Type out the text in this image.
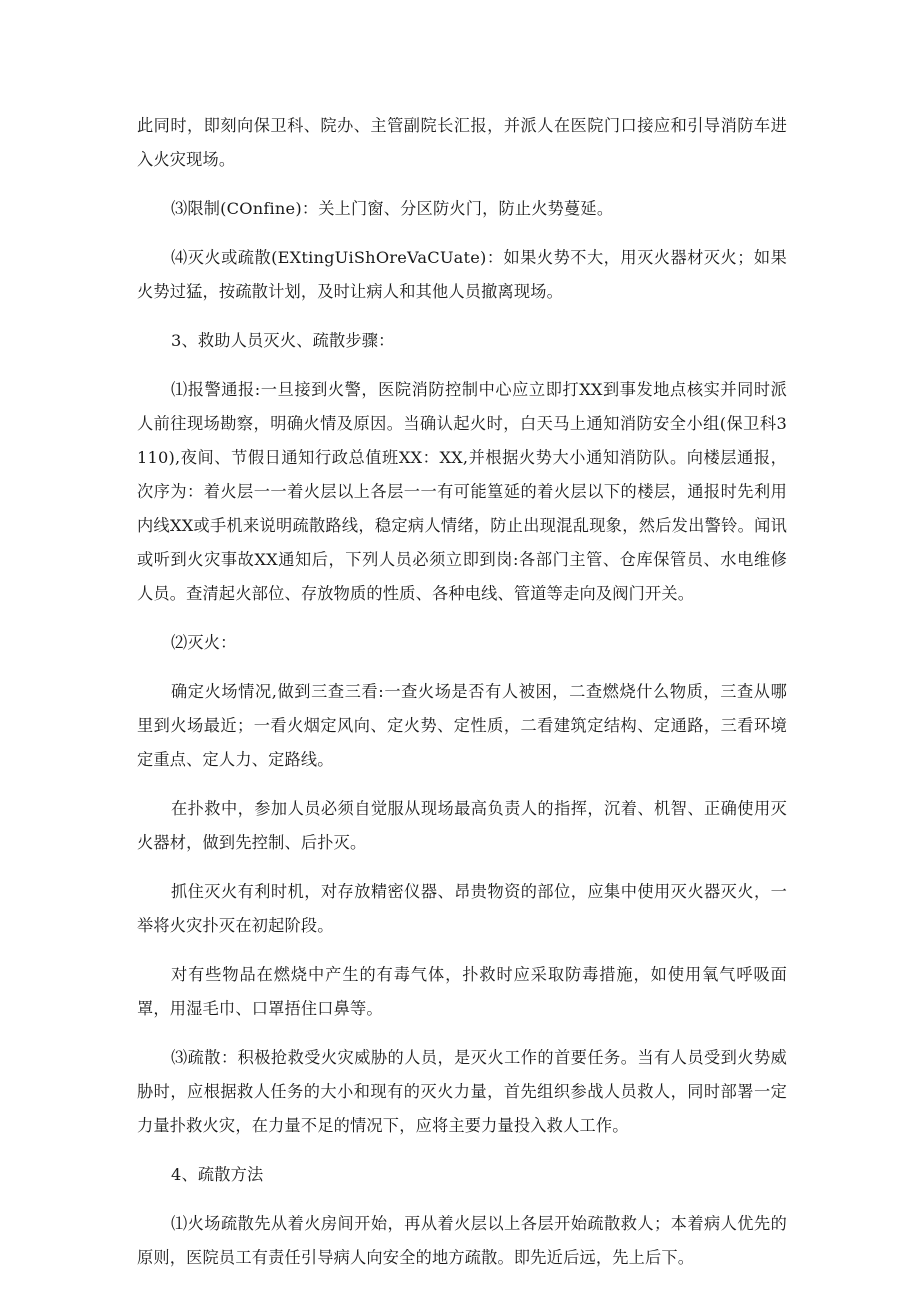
此同时，即刻向保卫科、院办、主管副院长汇报，并派人在医院门口接应和引导消防车进入火灾现场。

⑶限制(COnfine)：关上门窗、分区防火门，防止火势蔓延。

⑷灭火或疏散(EXtingUiShOreVaCUate)：如果火势不大，用灭火器材灭火；如果火势过猛，按疏散计划，及时让病人和其他人员撤离现场。

3、救助人员灭火、疏散步骤：

⑴报警通报:一旦接到火警，医院消防控制中心应立即打XX到事发地点核实并同时派人前往现场勘察，明确火情及原因。当确认起火时，白天马上通知消防安全小组(保卫科3110),夜间、节假日通知行政总值班XX：XX,并根据火势大小通知消防队。向楼层通报，次序为：着火层一一着火层以上各层一一有可能篁延的着火层以下的楼层，通报时先利用内线XX或手机来说明疏散路线，稳定病人情绪，防止出现混乱现象，然后发出警铃。闻讯或听到火灾事故XX通知后，下列人员必须立即到岗:各部门主管、仓库保管员、水电维修人员。查清起火部位、存放物质的性质、各种电线、管道等走向及阀门开关。

⑵灭火：

确定火场情况,做到三查三看:一查火场是否有人被困，二查燃烧什么物质，三查从哪里到火场最近；一看火烟定风向、定火势、定性质，二看建筑定结构、定通路，三看环境定重点、定人力、定路线。

在扑救中，参加人员必须自觉服从现场最高负责人的指挥，沉着、机智、正确使用灭火器材，做到先控制、后扑灭。

抓住灭火有利时机，对存放精密仪器、昂贵物资的部位，应集中使用灭火器灭火，一举将火灾扑灭在初起阶段。

对有些物品在燃烧中产生的有毒气体，扑救时应采取防毒措施，如使用氧气呼吸面罩，用湿毛巾、口罩捂住口鼻等。

⑶疏散：积极抢救受火灾威胁的人员，是灭火工作的首要任务。当有人员受到火势威胁时，应根据救人任务的大小和现有的灭火力量，首先组织参战人员救人，同时部署一定力量扑救火灾，在力量不足的情况下，应将主要力量投入救人工作。

4、疏散方法

⑴火场疏散先从着火房间开始，再从着火层以上各层开始疏散救人；本着病人优先的原则，医院员工有责任引导病人向安全的地方疏散。即先近后远，先上后下。
